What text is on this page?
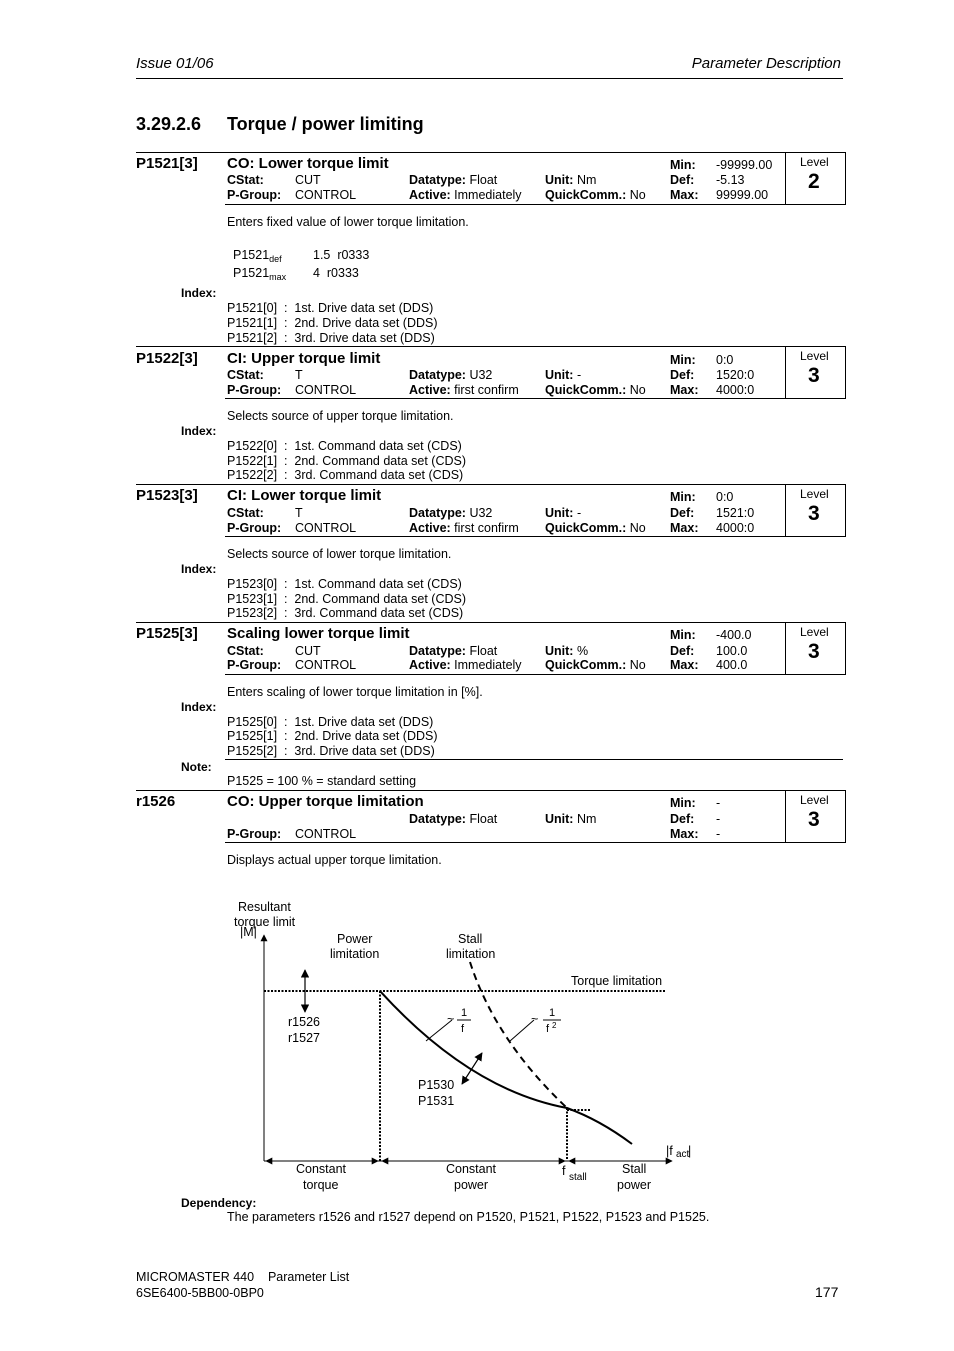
Issue 01/06	Parameter Description
3.29.2.6 Torque / power limiting
P1521[3] CO: Lower torque limit
CStat: CUT
P-Group: CONTROL
Datatype: Float
Active: Immediately
Unit: Nm
QuickComm.: No
Min: -99999.00
Def: -5.13
Max: 99999.00
Level
2
Enters fixed value of lower torque limitation.
$P1521_{def}$	1.5  r0333
$P1521_{max}$ 4  r0333
Index:
P1521[0]  :  1st. Drive data set (DDS)
P1521[1]  :  2nd. Drive data set (DDS)
P1521[2]  :  3rd. Drive data set (DDS)
P1522[3] CI: Upper torque limit
CStat: T
P-Group: CONTROL
Datatype: U32
Active: first confirm
Unit: -
QuickComm.: No
Min: 0:0
Def: 1520:0
Max: 4000:0
Level
3
Selects source of upper torque limitation.
Index:
P1522[0]  :  1st. Command data set (CDS)
P1522[1]  :  2nd. Command data set (CDS)
P1522[2]  :  3rd. Command data set (CDS)
P1523[3] CI: Lower torque limit
CStat: T
P-Group: CONTROL
Datatype: U32
Active: first confirm
Unit: -
QuickComm.: No
Min: 0:0
Def: 1521:0
Max: 4000:0
Level
3
Selects source of lower torque limitation.
Index:
P1523[0]  :  1st. Command data set (CDS)
P1523[1]  :  2nd. Command data set (CDS)
P1523[2]  :  3rd. Command data set (CDS)
P1525[3] Scaling lower torque limit
CStat: CUT
P-Group: CONTROL
Datatype: Float
Active: Immediately
Unit: %
QuickComm.: No
Min: -400.0
Def: 100.0
Max: 400.0
Level
3
Enters scaling of lower torque limitation in [%].
Index:
P1525[0]  :  1st. Drive data set (DDS)
P1525[1]  :  2nd. Drive data set (DDS)
P1525[2]  :  3rd. Drive data set (DDS)
Note:
P1525 = 100 % = standard setting
r1526	CO: Upper torque limitation
P-Group: CONTROL
Datatype: Float	Unit: Nm
Min: -
Def: -
Max: -
Level
3
Displays actual upper torque limitation.
Resultant
torque limit
|M|	Power
limitation
Stall
limitation
Torque limitation
r1526
r1527
~ 1
f
~ 1
f 2
P1530
P1531
|f act
|
Constant
torque
Constant
power
f stall
Stall
power
Dependency:
The parameters r1526 and r1527 depend on P1520, P1521, P1522, P1523 and P1525.
MICROMASTER 440    Parameter List
6SE6400-5BB00-0BP0	177
